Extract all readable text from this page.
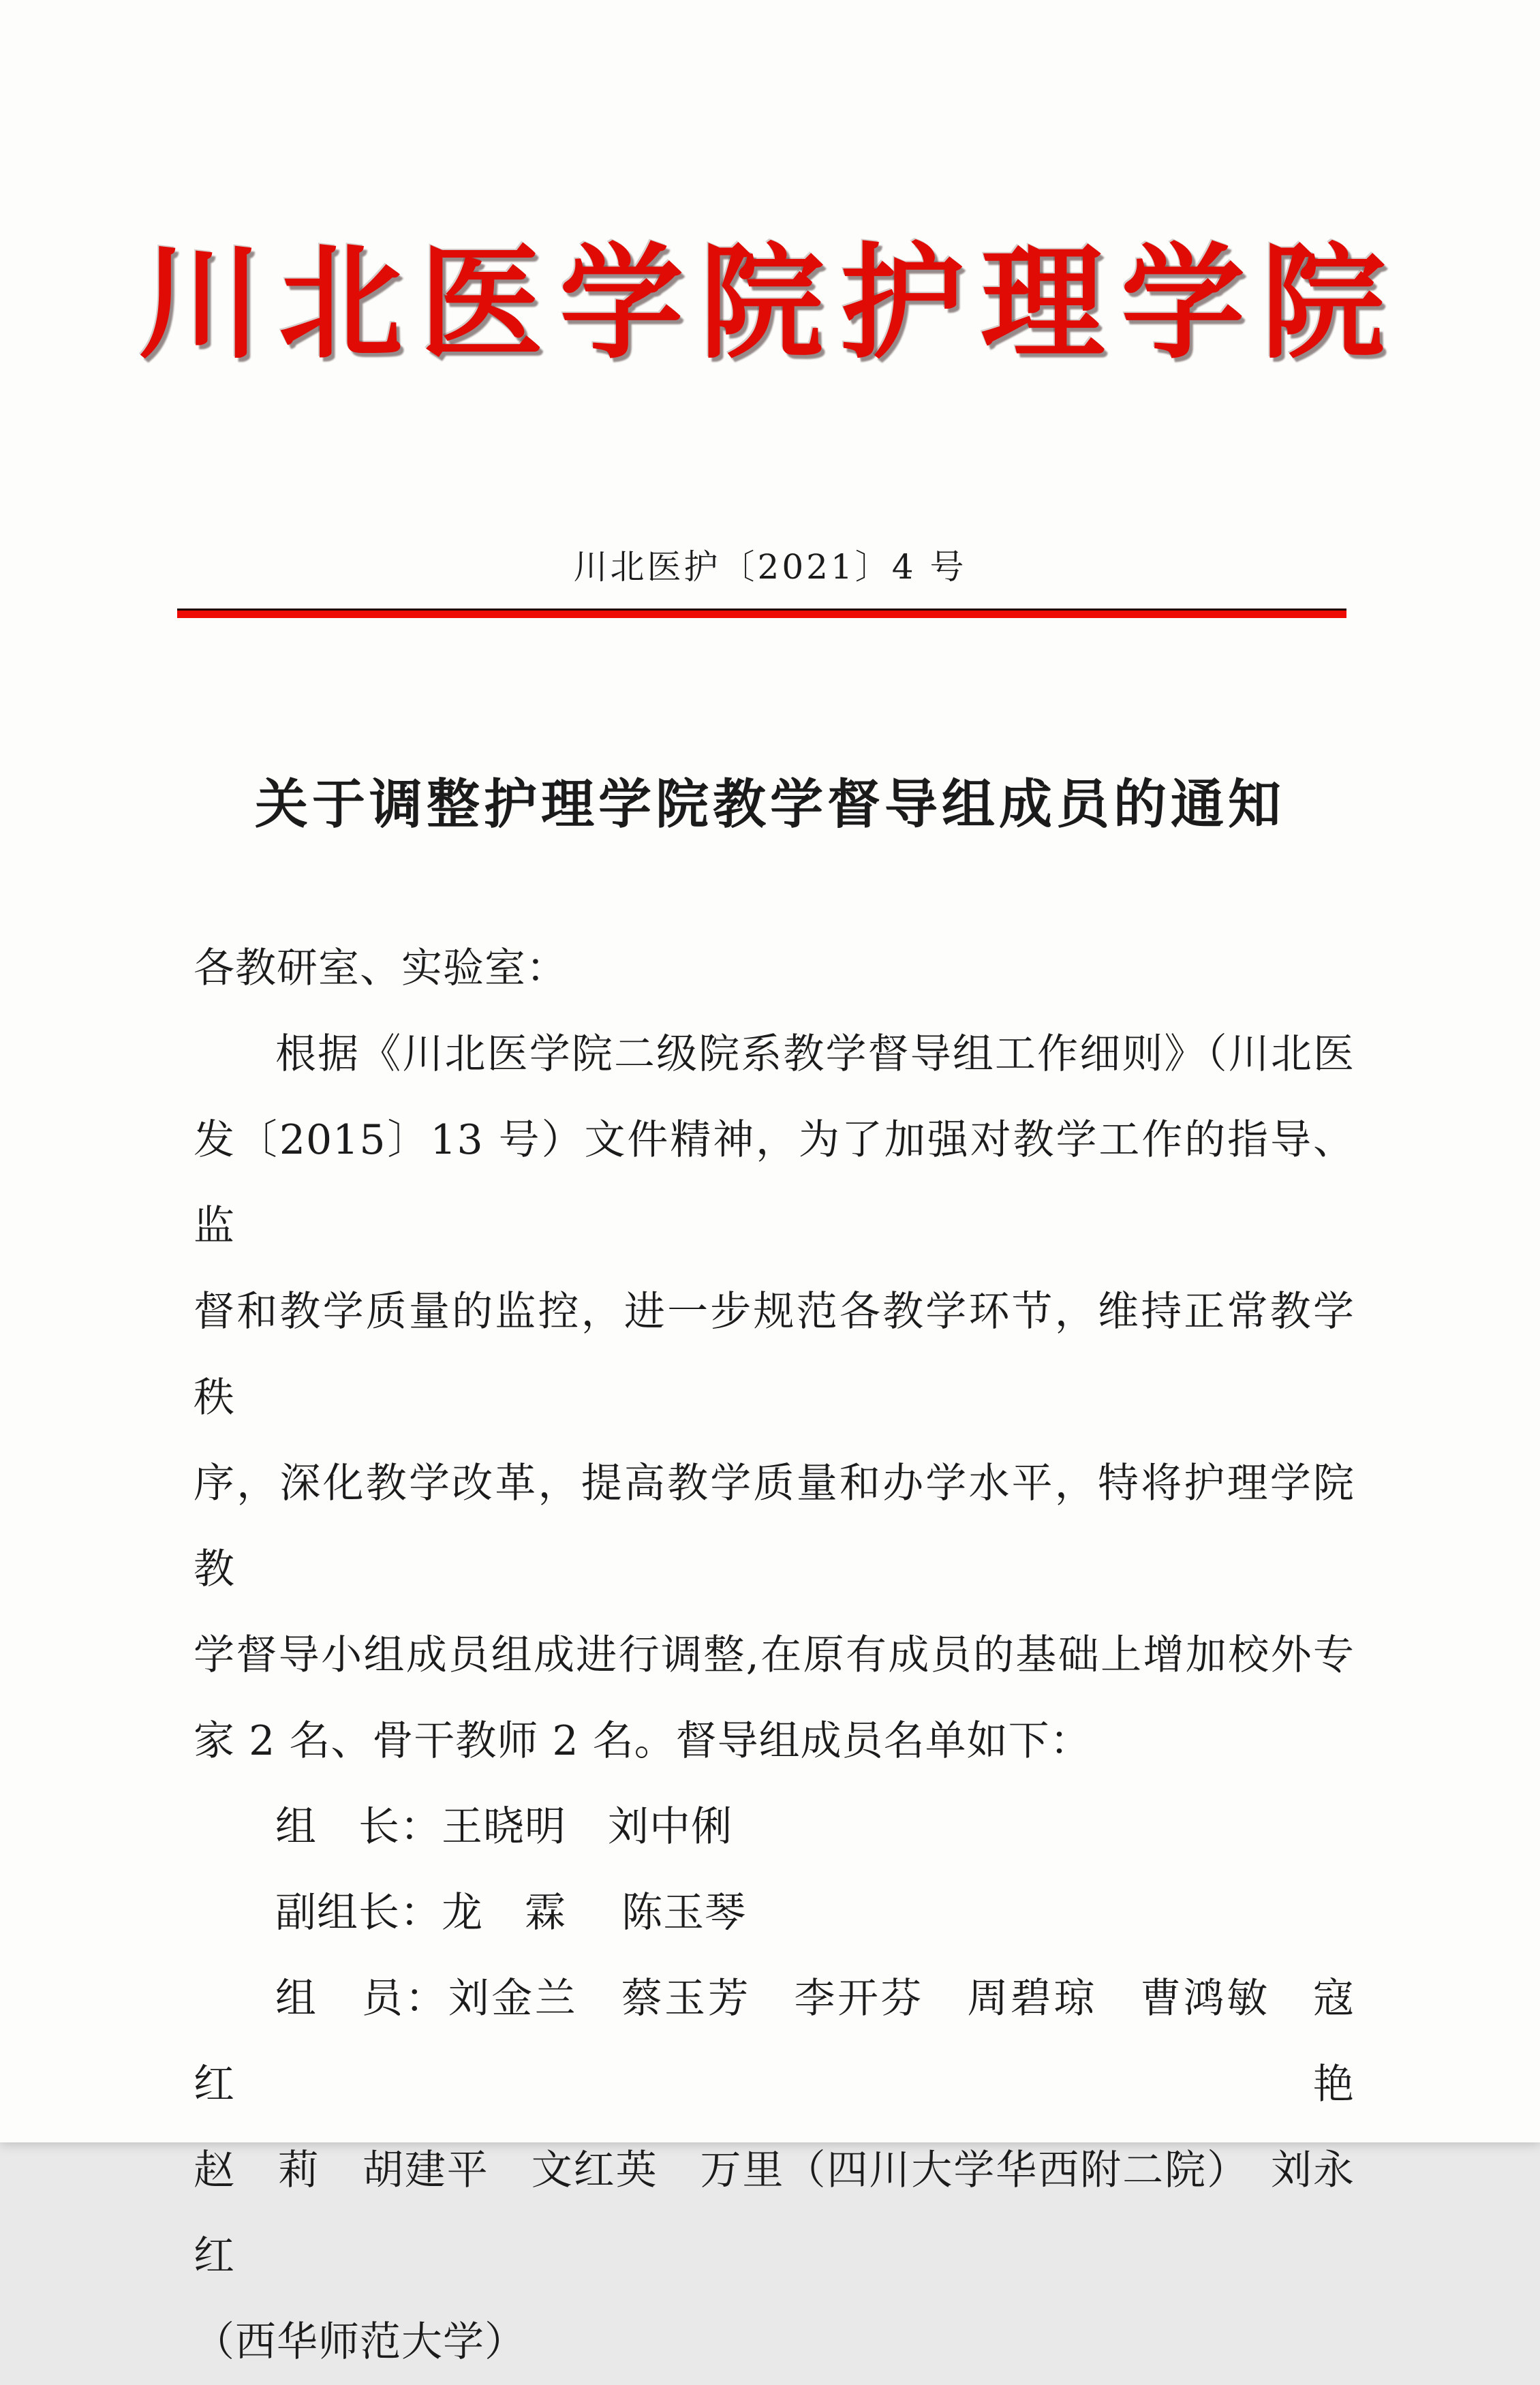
川北医学院护理学院
川北医护〔2021〕4 号
关于调整护理学院教学督导组成员的通知

各教研室、实验室：

根据《川北医学院二级院系教学督导组工作细则》（川北医

发〔2015〕13 号）文件精神，为了加强对教学工作的指导、监

督和教学质量的监控，进一步规范各教学环节，维持正常教学秩

序，深化教学改革，提高教学质量和办学水平，特将护理学院教

学督导小组成员组成进行调整,在原有成员的基础上增加校外专

家 2 名、骨干教师 2 名。督导组成员名单如下：

组　长：王晓明　刘中俐

副组长：龙　霖　 陈玉琴

组　员：刘金兰　蔡玉芳　李开芬　周碧琼　曹鸿敏　寇红艳

赵　莉　胡建平　文红英　万里（四川大学华西附二院）　刘永红

（西华师范大学）
